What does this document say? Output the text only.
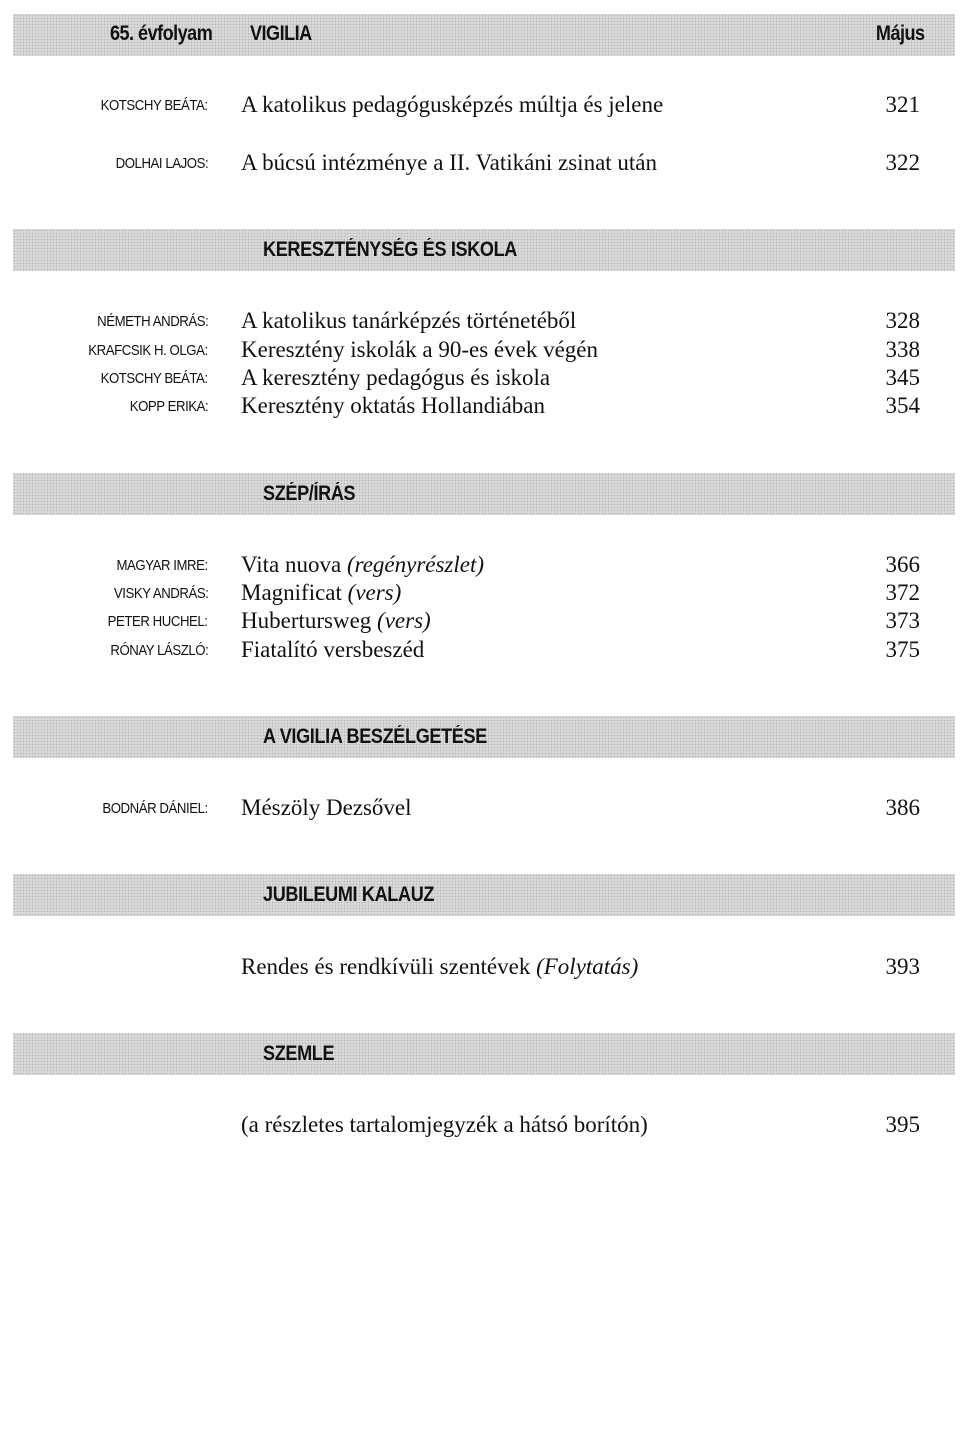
65. évfolyam VIGILIA	Május
KOTSCHY BEÁTA: A katolikus pedagógusképzés múltja és jelene	321
DOLHAI LAJOS: A búcsú intézménye a II. Vatikáni zsinat után	322
KERESZTÉNYSÉG ÉS ISKOLA
NÉMETH ANDRÁS: A katolikus tanárképzés történetéből	328
KRAFCSIK H. OLGA: Keresztény iskolák a 90-es évek végén	338
KOTSCHY BEÁTA: A keresztény pedagógus és iskola	345
KOPP ERIKA: Keresztény oktatás Hollandiában	354
SZÉP/ÍRÁS
MAGYAR IMRE: Vita nuova (regényrészlet)	366
VISKY ANDRÁS: Magnificat (vers)	372
PETER HUCHEL: Hubertursweg (vers)	373
RÓNAY LÁSZLÓ: Fiatalító versbeszéd	375
A VIGILIA BESZÉLGETÉSE
BODNÁR DÁNIEL: Mészöly Dezsővel	386
JUBILEUMI KALAUZ
Rendes és rendkívüli szentévek (Folytatás)	393
SZEMLE
(a részletes tartalomjegyzék a hátsó borítón)	395
